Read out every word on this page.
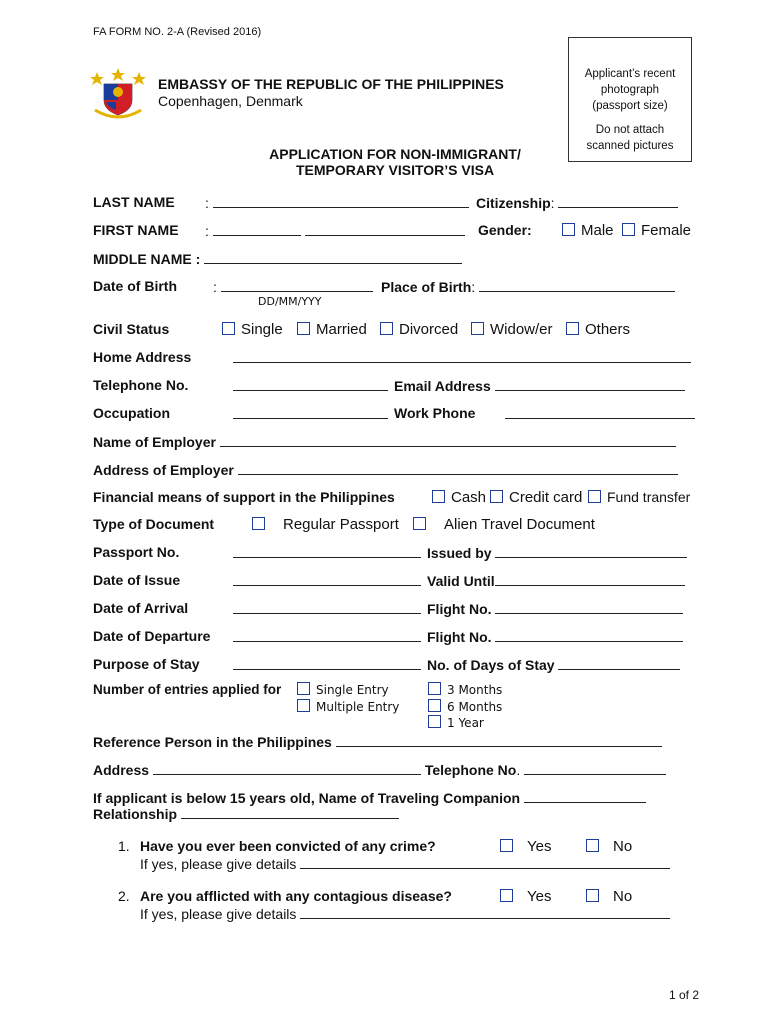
FA FORM NO. 2-A (Revised 2016)
EMBASSY OF THE REPUBLIC OF THE PHILIPPINES
Copenhagen, Denmark
Applicant’s recent
photograph
(passport size)
Do not attach
scanned pictures
APPLICATION FOR NON-IMMIGRANT/
TEMPORARY VISITOR’S VISA
LAST NAME :	Citizenship:
FIRST NAME :	Gender:	Male	Female
MIDDLE NAME :
Date of Birth	:	Place of Birth:
DD/MM/YYY
Civil Status	Single	Married	Divorced	Widow/er	Others
Home Address
Telephone No.	Email Address
Occupation	Work Phone
Name of Employer
Address of Employer
Financial means of support in the Philippines	Cash	Credit card	Fund transfer
Type of Document	Regular Passport	Alien Travel Document
Passport No.	Issued by
Date of Issue	Valid Until
Date of Arrival	Flight No.
Date of Departure	Flight No.
Purpose of Stay	No. of Days of Stay
Number of entries applied for	Single Entry
Multiple Entry
3 Months
6 Months
1 Year
Reference Person in the Philippines
Address	Telephone No.
If applicant is below 15 years old, Name of Traveling Companion
Relationship
1. Have you ever been convicted of any crime?	Yes	No
If yes, please give details
2. Are you afflicted with any contagious disease?	Yes	No
If yes, please give details
1 of 2
